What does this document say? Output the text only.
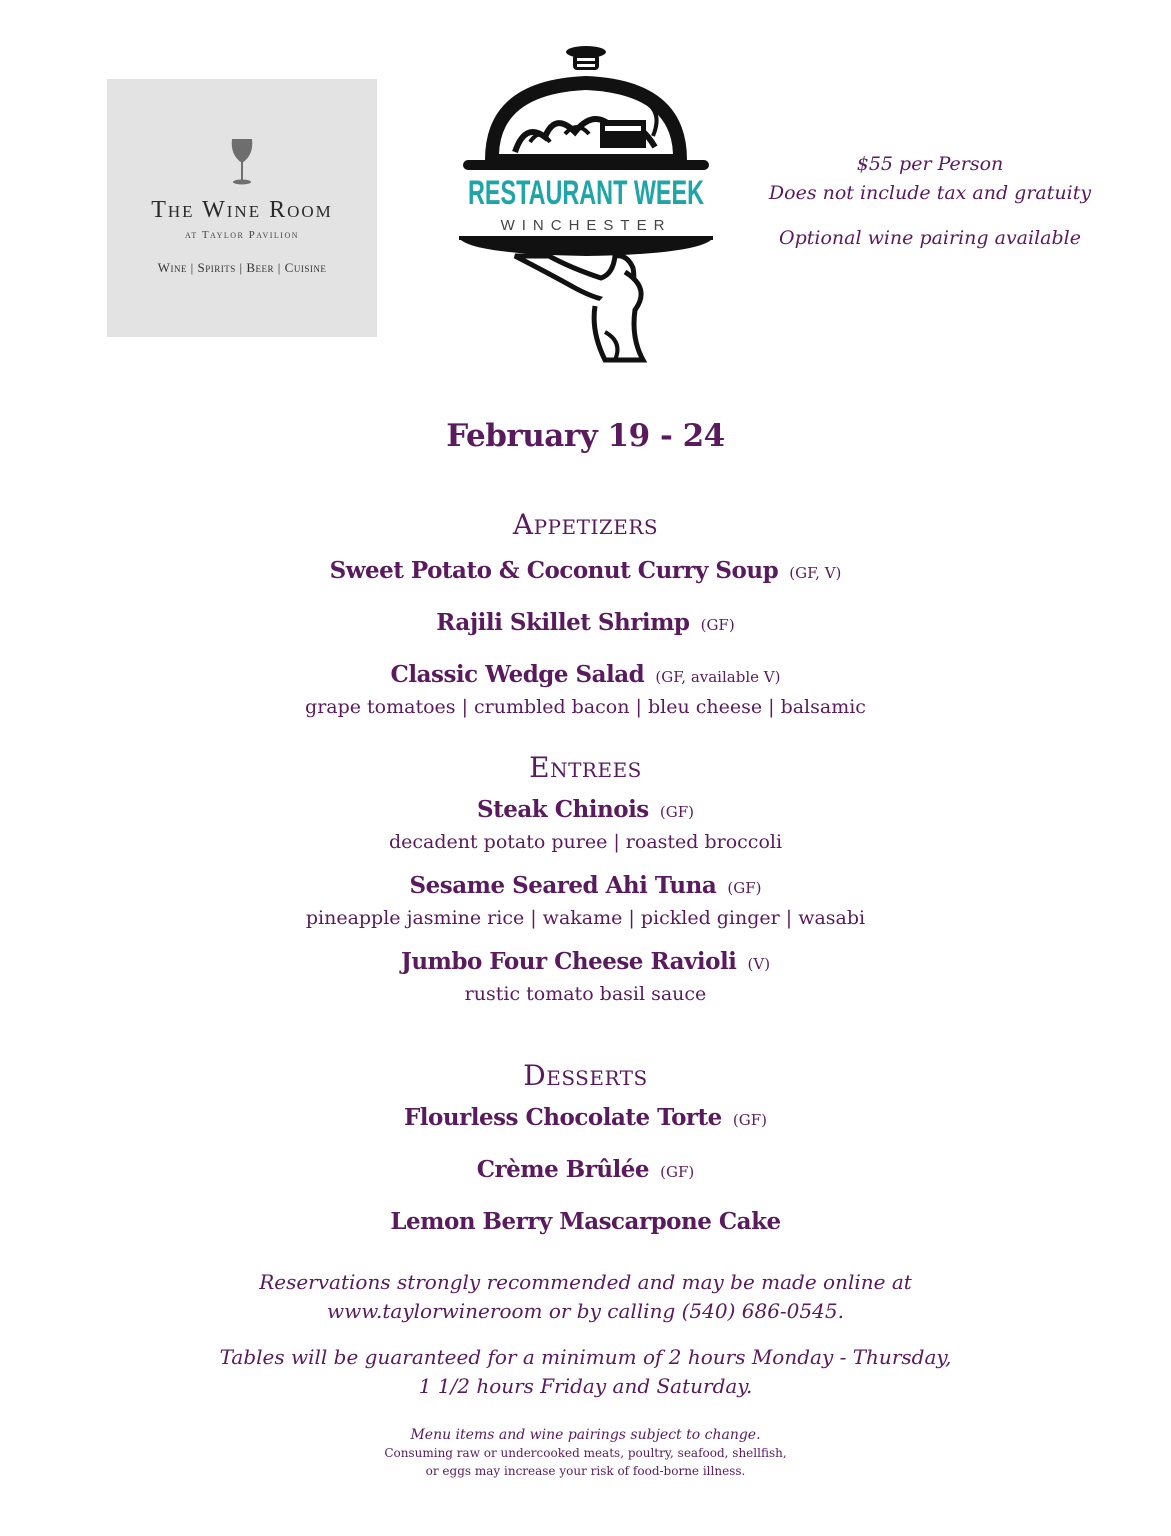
The Wine Room
at Taylor Pavilion
Wine | Spirits | Beer | Cuisine
RESTAURANT WEEK
WINCHESTER
$55 per Person
Does not include tax and gratuity
Optional wine pairing available
February 19 - 24
Appetizers
Sweet Potato & Coconut Curry Soup (GF, V)
Rajili Skillet Shrimp (GF)
Classic Wedge Salad (GF, available V)
grape tomatoes | crumbled bacon | bleu cheese | balsamic
Entrees
Steak Chinois (GF)
decadent potato puree | roasted broccoli
Sesame Seared Ahi Tuna (GF)
pineapple jasmine rice | wakame | pickled ginger | wasabi
Jumbo Four Cheese Ravioli (V)
rustic tomato basil sauce
Desserts
Flourless Chocolate Torte (GF)
Crème Brûlée (GF)
Lemon Berry Mascarpone Cake
Reservations strongly recommended and may be made online at
www.taylorwineroom or by calling (540) 686-0545.
Tables will be guaranteed for a minimum of 2 hours Monday - Thursday,
1 1/2 hours Friday and Saturday.
Menu items and wine pairings subject to change.
Consuming raw or undercooked meats, poultry, seafood, shellfish,
or eggs may increase your risk of food-borne illness.
